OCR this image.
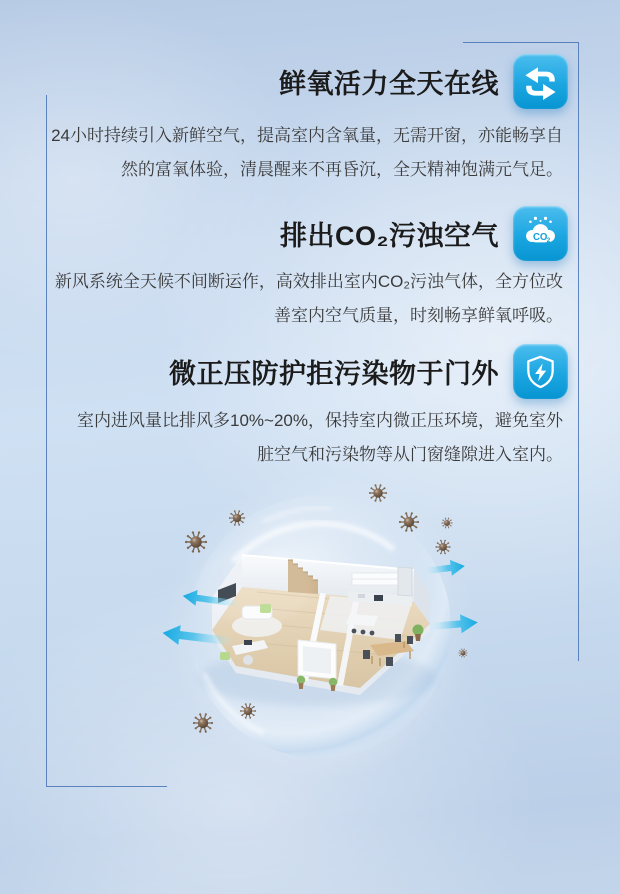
鲜氧活力全天在线
24小时持续引入新鲜空气，提高室内含氧量，无需开窗，亦能畅享自
然的富氧体验，清晨醒来不再昏沉，全天精神饱满元气足。
排出CO₂污浊空气	CO 2
新风系统全天候不间断运作，高效排出室内CO₂污浊气体，全方位改
善室内空气质量，时刻畅享鲜氧呼吸。
微正压防护拒污染物于门外
室内进风量比排风多10%~20%，保持室内微正压环境，避免室外
脏空气和污染物等从门窗缝隙进入室内。
